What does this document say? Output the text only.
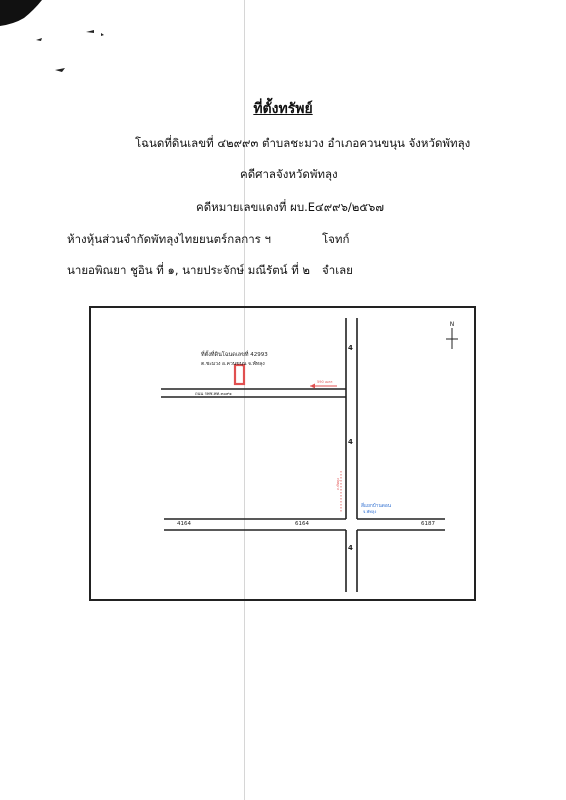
ที่ตั้งทรัพย์
โฉนดที่ดินเลขที่ ๔๒๙๙๓ ตำบลชะมวง อำเภอควนขนุน จังหวัดพัทลุง
คดีศาลจังหวัดพัทลุง
คดีหมายเลขแดงที่ ผบ.E๔๙๙๖/๒๕๖๗
ห้างหุ้นส่วนจำกัดพัทลุงไทยยนตร์กลการ ฯ	โจทก์
นายอพิณยา ชูอิน ที่ ๑, นายประจักษ์ มณีรัตน์ ที่ ๒ จำเลย
N
ที่ตั้งที่ดินโฉนดเลขที่ 42993
ต.ชะมวง อ.ควนขนุน จ.พัทลุง
590 เมตร
ถนน รพช.พท.๓๐๙๑
4
4
4
4164	6164	6187
ถ.พัทลุง
สี่แยกบ้านดอน
จ.พัทลุง
